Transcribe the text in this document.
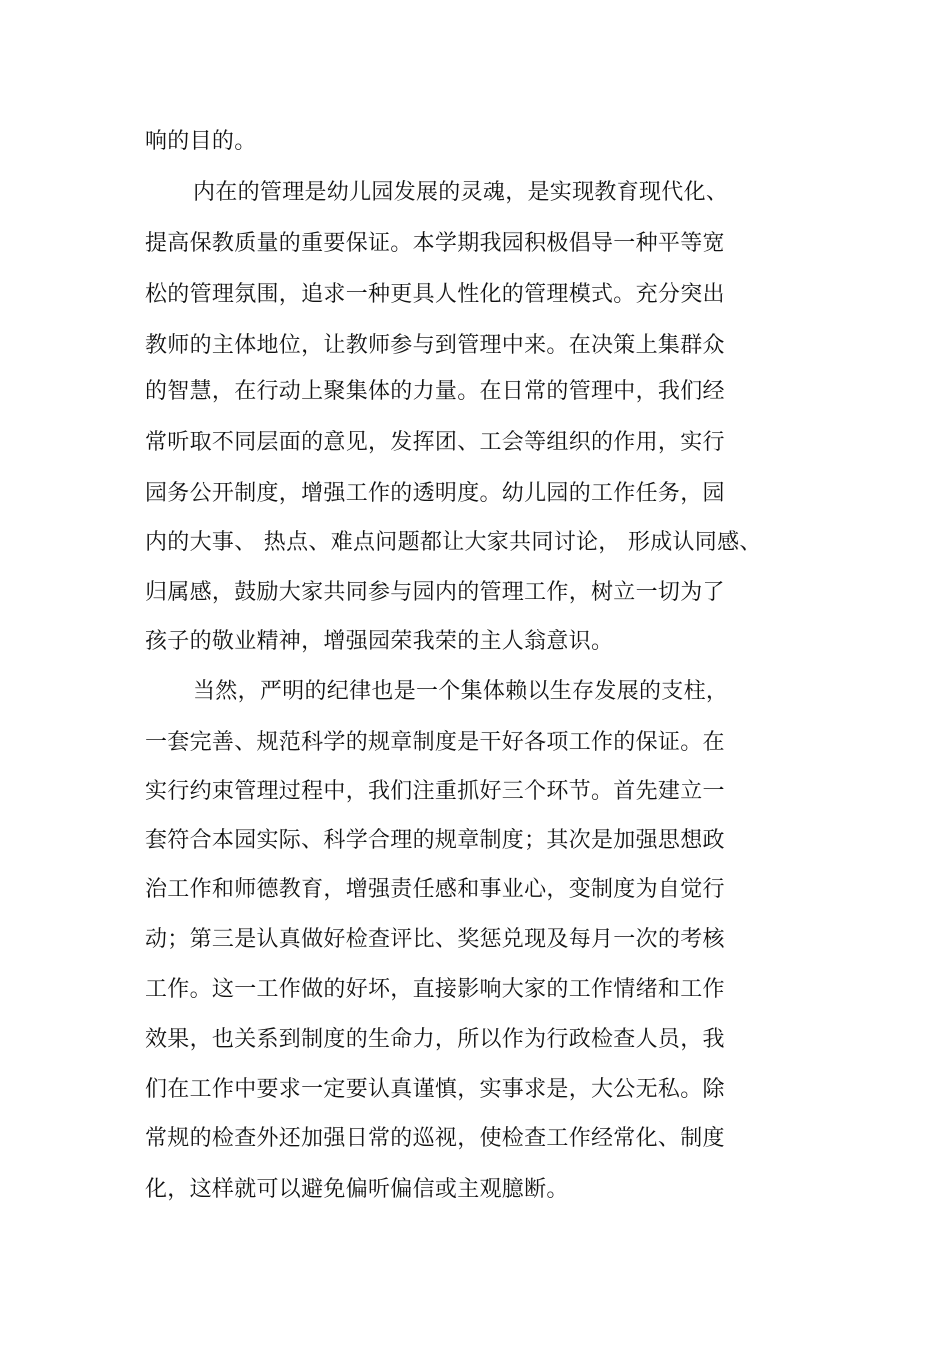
响的目的。
内在的管理是幼儿园发展的灵魂，是实现教育现代化、
提高保教质量的重要保证。本学期我园积极倡导一种平等宽
松的管理氛围，追求一种更具人性化的管理模式。充分突出
教师的主体地位，让教师参与到管理中来。在决策上集群众
的智慧，在行动上聚集体的力量。在日常的管理中，我们经
常听取不同层面的意见，发挥团、工会等组织的作用，实行
园务公开制度，增强工作的透明度。幼儿园的工作任务，园
内的大事、 热点、难点问题都让大家共同讨论， 形成认同感、
归属感，鼓励大家共同参与园内的管理工作，树立一切为了
孩子的敬业精神，增强园荣我荣的主人翁意识。
当然，严明的纪律也是一个集体赖以生存发展的支柱，
一套完善、规范科学的规章制度是干好各项工作的保证。在
实行约束管理过程中，我们注重抓好三个环节。首先建立一
套符合本园实际、科学合理的规章制度；其次是加强思想政
治工作和师德教育，增强责任感和事业心，变制度为自觉行
动；第三是认真做好检查评比、奖惩兑现及每月一次的考核
工作。这一工作做的好坏，直接影响大家的工作情绪和工作
效果，也关系到制度的生命力，所以作为行政检查人员，我
们在工作中要求一定要认真谨慎，实事求是，大公无私。除
常规的检查外还加强日常的巡视，使检查工作经常化、制度
化，这样就可以避免偏听偏信或主观臆断。
